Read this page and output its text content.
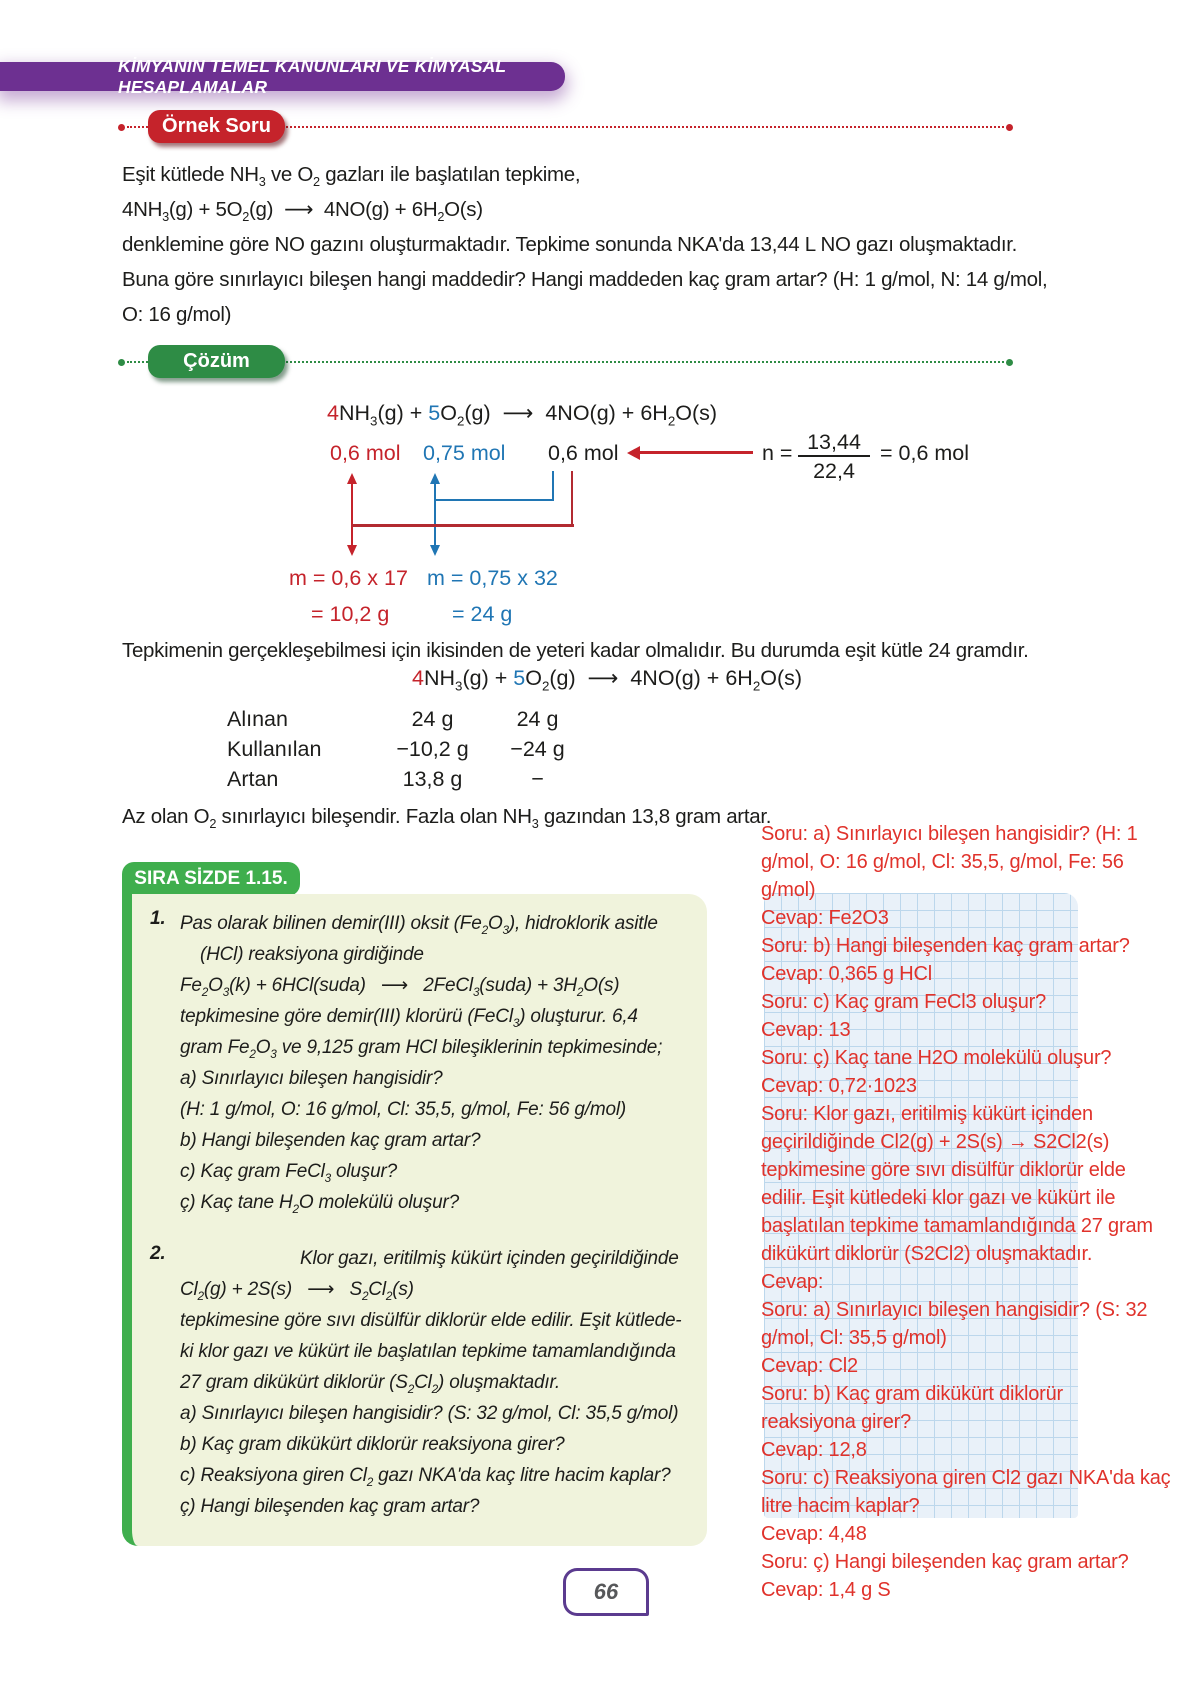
KİMYANIN TEMEL KANUNLARI VE KİMYASAL HESAPLAMALAR
Örnek Soru
Eşit kütlede $NH_3$ ve $O_2$ gazları ile başlatılan tepkime,
$4NH_3(g) + 5O_2(g)$  ⟶  $4NO(g) + 6H_2O(s)$
denklemine göre NO gazını oluşturmaktadır. Tepkime sonunda NKA'da 13,44 L NO gazı oluşmaktadır.
Buna göre sınırlayıcı bileşen hangi maddedir? Hangi maddeden kaç gram artar? (H: 1 g/mol, N: 14 g/mol,
O: 16 g/mol)
Çözüm
$4NH_3(g) + 5O_2(g)$  ⟶  $4NO(g) + 6H_2O(s)$
0,6 mol 0,75 mol 0,6 mol	n = 13,44
22,4
= 0,6 mol
m = 0,6 x 17 m = 0,75 x 32
= 10,2 g	= 24 g
Tepkimenin gerçekleşebilmesi için ikisinden de yeteri kadar olmalıdır. Bu durumda eşit kütle 24 gramdır.
$4NH_3(g) + 5O_2(g)$  ⟶  $4NO(g) + 6H_2O(s)$
Alınan	24 g	24 g
Kullanılan	−10,2 g	−24 g
Artan	13,8 g	−
Az olan $O_2$ sınırlayıcı bileşendir. Fazla olan $NH_3$ gazından 13,8 gram artar.
SIRA SİZDE 1.15.
1. Pas olarak bilinen demir(III) oksit $(Fe_2O_3)$, hidroklorik asitle
(HCl) reaksiyona girdiğinde
$Fe_2O_3(k)$ + 6HCl(suda)   ⟶   2FeCl$_3$(suda) + $3H_2O(s)$
tepkimesine göre demir(III) klorürü (FeCl$_3$) oluşturur. 6,4
gram $Fe_2O_3$ ve 9,125 gram HCl bileşiklerinin tepkimesinde;
a) Sınırlayıcı bileşen hangisidir?
(H: 1 g/mol, O: 16 g/mol, Cl: 35,5, g/mol, Fe: 56 g/mol)
b) Hangi bileşenden kaç gram artar?
c) Kaç gram FeCl$_3$ oluşur?
ç) Kaç tane $H_2O$ molekülü oluşur?
2.	Klor gazı, eritilmiş kükürt içinden geçirildiğinde
$Cl_2(g) + 2S(s)$   ⟶   $S_2Cl_2(s)$
tepkimesine göre sıvı disülfür diklorür elde edilir. Eşit kütlede-
ki klor gazı ve kükürt ile başlatılan tepkime tamamlandığında
27 gram dikükürt diklorür $(S_2Cl_2)$ oluşmaktadır.
a) Sınırlayıcı bileşen hangisidir? (S: 32 g/mol, Cl: 35,5 g/mol)
b) Kaç gram dikükürt diklorür reaksiyona girer?
c) Reaksiyona giren $Cl_2$ gazı NKA'da kaç litre hacim kaplar?
ç) Hangi bileşenden kaç gram artar?
Soru: a) Sınırlayıcı bileşen hangisidir? (H: 1
g/mol, O: 16 g/mol, Cl: 35,5, g/mol, Fe: 56
g/mol)
Cevap: Fe2O3
Soru: b) Hangi bileşenden kaç gram artar?
Cevap: 0,365 g HCl
Soru: c) Kaç gram FeCl3 oluşur?
Cevap: 13
Soru: ç) Kaç tane H2O molekülü oluşur?
Cevap: 0,72·1023
Soru: Klor gazı, eritilmiş kükürt içinden
geçirildiğinde Cl2(g) + 2S(s) → S2Cl2(s)
tepkimesine göre sıvı disülfür diklorür elde
edilir. Eşit kütledeki klor gazı ve kükürt ile
başlatılan tepkime tamamlandığında 27 gram
dikükürt diklorür (S2Cl2) oluşmaktadır.
Cevap:
Soru: a) Sınırlayıcı bileşen hangisidir? (S: 32
g/mol, Cl: 35,5 g/mol)
Cevap: Cl2
Soru: b) Kaç gram dikükürt diklorür
reaksiyona girer?
Cevap: 12,8
Soru: c) Reaksiyona giren Cl2 gazı NKA'da kaç
litre hacim kaplar?
Cevap: 4,48
Soru: ç) Hangi bileşenden kaç gram artar?
Cevap: 1,4 g S
66
